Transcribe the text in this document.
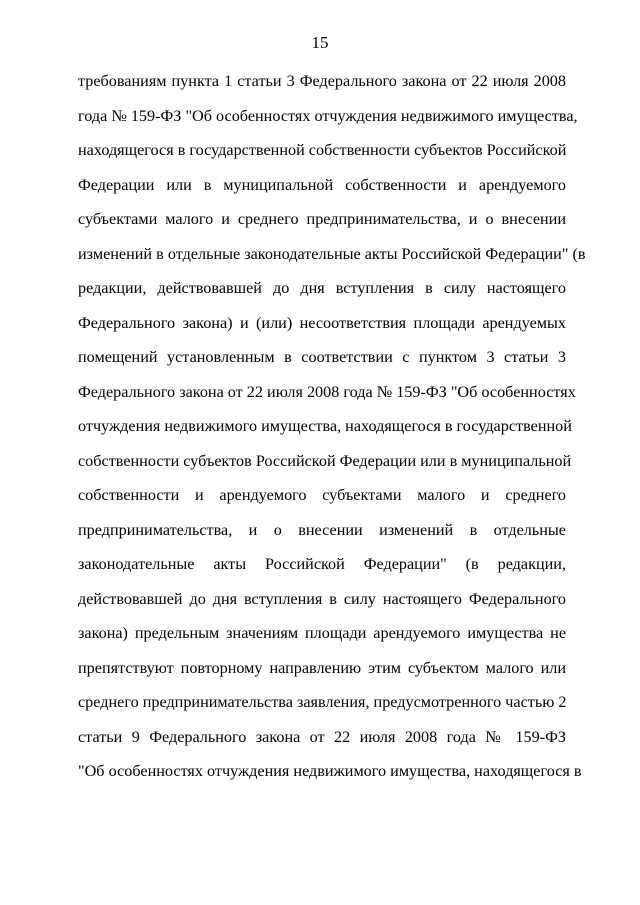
15
требованиям пункта 1 статьи 3 Федерального закона от 22 июля 2008
года № 159-ФЗ "Об особенностях отчуждения недвижимого имущества,
находящегося в государственной собственности субъектов Российской
Федерации или в муниципальной собственности и арендуемого
субъектами малого и среднего предпринимательства, и о внесении
изменений в отдельные законодательные акты Российской Федерации" (в
редакции, действовавшей до дня вступления в силу настоящего
Федерального закона) и (или) несоответствия площади арендуемых
помещений установленным в соответствии с пунктом 3 статьи 3
Федерального закона от 22 июля 2008 года № 159-ФЗ "Об особенностях
отчуждения недвижимого имущества, находящегося в государственной
собственности субъектов Российской Федерации или в муниципальной
собственности и арендуемого субъектами малого и среднего
предпринимательства, и о внесении изменений в отдельные
законодательные акты Российской Федерации" (в редакции,
действовавшей до дня вступления в силу настоящего Федерального
закона) предельным значениям площади арендуемого имущества не
препятствуют повторному направлению этим субъектом малого или
среднего предпринимательства заявления, предусмотренного частью 2
статьи 9 Федерального закона от 22 июля 2008 года № 159-ФЗ
"Об особенностях отчуждения недвижимого имущества, находящегося в
